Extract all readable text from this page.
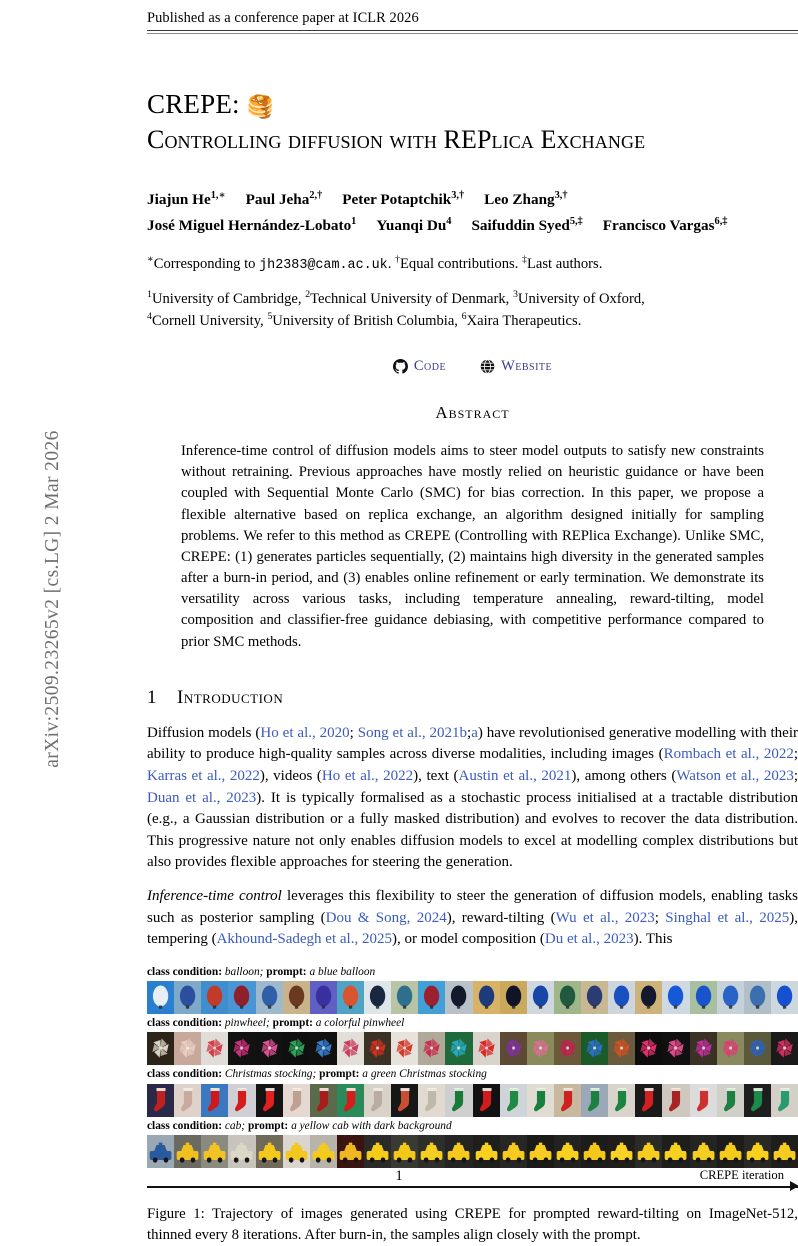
arXiv:2509.23265v2 [cs.LG] 2 Mar 2026
Published as a conference paper at ICLR 2026
CREPE: 🥞
Controlling diffusion with REPlica Exchange
Jiajun $He^{1,∗}$ Paul Jeha$^{2,\dagger}$ Peter Potaptchik$^{3,\dagger}$ Leo Zhang$^{3,\dagger}$
José Miguel Hernández-Lobato$^1$ Yuanqi Du$^4$ Saifuddin Syed$^{5,\ddagger}$ Francisco Vargas$^{6,\ddagger}$
∗Corresponding to jh2383@cam.ac.uk. †Equal contributions. ‡Last authors.
$^1$University of Cambridge, $^2$Technical University of Denmark, $^3$University of Oxford,
$^4$Cornell University, $^5$University of British Columbia, $^6$Xaira Therapeutics.
Code	Website
Abstract
Inference-time control of diffusion models aims to steer model outputs to satisfy new constraints without retraining. Previous approaches have mostly relied on heuristic guidance or have been coupled with Sequential Monte Carlo (SMC) for bias correction. In this paper, we propose a flexible alternative based on replica exchange, an algorithm designed initially for sampling problems. We refer to this method as CREPE (Controlling with REPlica Exchange). Unlike SMC, CREPE: (1) generates particles sequentially, (2) maintains high diversity in the generated samples after a burn-in period, and (3) enables online refinement or early termination. We demonstrate its versatility across various tasks, including temperature annealing, reward-tilting, model composition and classifier-free guidance debiasing, with competitive performance compared to prior SMC methods.
1 Introduction
Diffusion models (Ho et al., 2020; Song et al., 2021b;a) have revolutionised generative modelling with their ability to produce high-quality samples across diverse modalities, including images (Rombach et al., 2022; Karras et al., 2022), videos (Ho et al., 2022), text (Austin et al., 2021), among others (Watson et al., 2023; Duan et al., 2023). It is typically formalised as a stochastic process initialised at a tractable distribution (e.g., a Gaussian distribution or a fully masked distribution) and evolves to recover the data distribution. This progressive nature not only enables diffusion models to excel at modelling complex distributions but also provides flexible approaches for steering the generation.
Inference-time control leverages this flexibility to steer the generation of diffusion models, enabling tasks such as posterior sampling (Dou & Song, 2024), reward-tilting (Wu et al., 2023; Singhal et al., 2025), tempering (Akhound-Sadegh et al., 2025), or model composition (Du et al., 2023). This
class condition: balloon; prompt: a blue balloon
class condition: pinwheel; prompt: a colorful pinwheel
class condition: Christmas stocking; prompt: a green Christmas stocking
class condition: cab; prompt: a yellow cab with dark background
CREPE iteration
Figure 1: Trajectory of images generated using CREPE for prompted reward-tilting on ImageNet-512, thinned every 8 iterations. After burn-in, the samples align closely with the prompt.
1
